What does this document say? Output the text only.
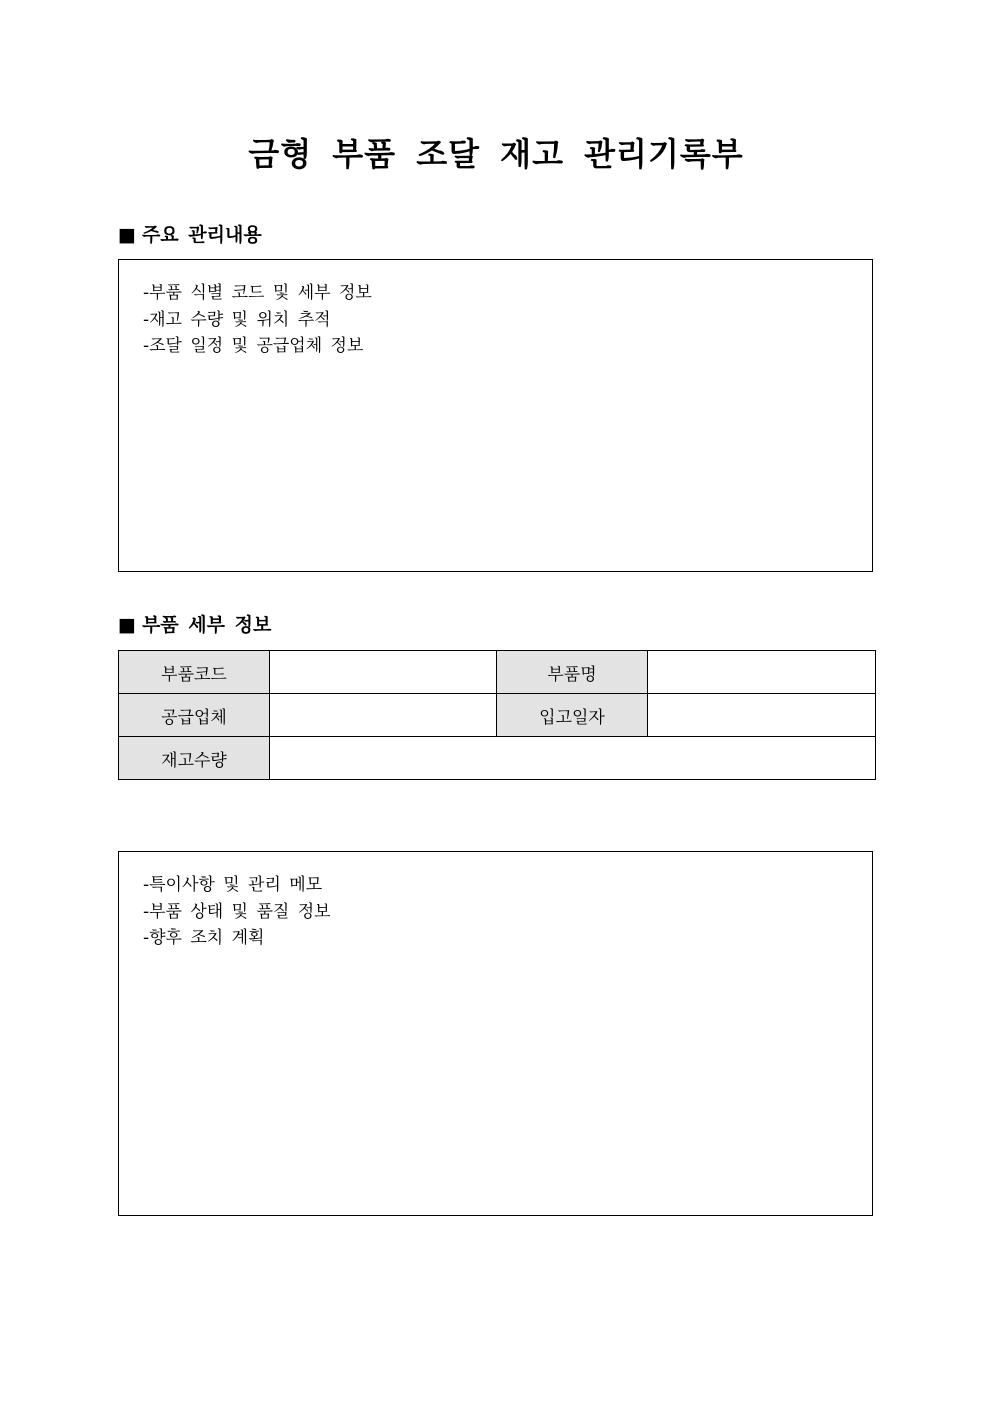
금형 부품 조달 재고 관리기록부
■ 주요 관리내용
-부품 식별 코드 및 세부 정보
-재고 수량 및 위치 추적
-조달 일정 및 공급업체 정보
■ 부품 세부 정보
부품코드		부품명	
공급업체		입고일자	
재고수량			
-특이사항 및 관리 메모
-부품 상태 및 품질 정보
-향후 조치 계획
